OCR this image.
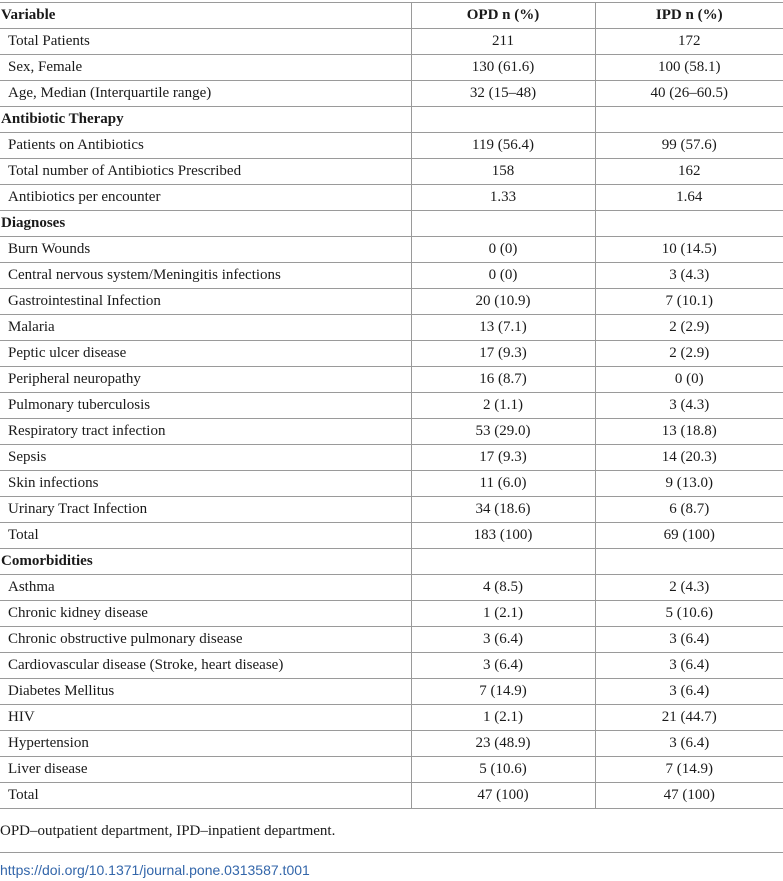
Variable	OPD n (%)	IPD n (%)
Total Patients	211	172
Sex, Female	130 (61.6)	100 (58.1)
Age, Median (Interquartile range)	32 (15–48)	40 (26–60.5)
Antibiotic Therapy		
Patients on Antibiotics	119 (56.4)	99 (57.6)
Total number of Antibiotics Prescribed	158	162
Antibiotics per encounter	1.33	1.64
Diagnoses		
Burn Wounds	0 (0)	10 (14.5)
Central nervous system/Meningitis infections	0 (0)	3 (4.3)
Gastrointestinal Infection	20 (10.9)	7 (10.1)
Malaria	13 (7.1)	2 (2.9)
Peptic ulcer disease	17 (9.3)	2 (2.9)
Peripheral neuropathy	16 (8.7)	0 (0)
Pulmonary tuberculosis	2 (1.1)	3 (4.3)
Respiratory tract infection	53 (29.0)	13 (18.8)
Sepsis	17 (9.3)	14 (20.3)
Skin infections	11 (6.0)	9 (13.0)
Urinary Tract Infection	34 (18.6)	6 (8.7)
Total	183 (100)	69 (100)
Comorbidities		
Asthma	4 (8.5)	2 (4.3)
Chronic kidney disease	1 (2.1)	5 (10.6)
Chronic obstructive pulmonary disease	3 (6.4)	3 (6.4)
Cardiovascular disease (Stroke, heart disease)	3 (6.4)	3 (6.4)
Diabetes Mellitus	7 (14.9)	3 (6.4)
HIV	1 (2.1)	21 (44.7)
Hypertension	23 (48.9)	3 (6.4)
Liver disease	5 (10.6)	7 (14.9)
Total	47 (100)	47 (100)
OPD–outpatient department, IPD–inpatient department.
https://doi.org/10.1371/journal.pone.0313587.t001
